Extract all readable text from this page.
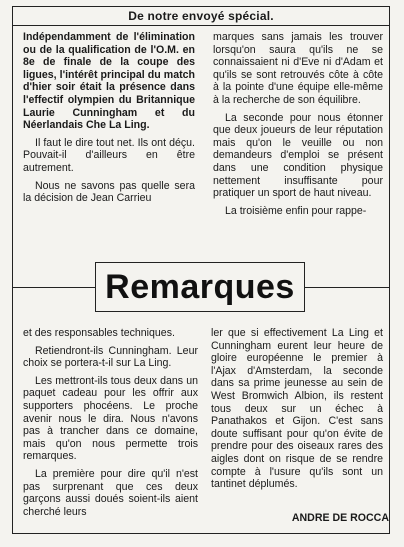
De notre envoyé spécial.

Indépendamment de l'élimination ou de la qualification de l'O.M. en 8e de finale de la coupe des ligues, l'intérêt principal du match d'hier soir était la présence dans l'effectif olympien du Britannique Laurie Cunningham et du Néerlandais Che La Ling.

Il faut le dire tout net. Ils ont déçu. Pouvait-il d'ailleurs en être autrement.

Nous ne savons pas quelle sera la décision de Jean Carrieu

marques sans jamais les trouver lorsqu'on saura qu'ils ne se connaissaient ni d'Eve ni d'Adam et qu'ils se sont retrouvés côte à côte à la pointe d'une équipe elle-même à la recherche de son équilibre.

La seconde pour nous étonner que deux joueurs de leur réputation mais qu'on le veuille ou non demandeurs d'emploi se présent dans une condition physique nettement insuffisante pour pratiquer un sport de haut niveau.

La troisième enfin pour rappe-

Remarques

et des responsables techniques.

Retiendront-ils Cunningham. Leur choix se portera-t-il sur La Ling.

Les mettront-ils tous deux dans un paquet cadeau pour les offrir aux supporters phocéens. Le proche avenir nous le dira. Nous n'avons pas à trancher dans ce domaine, mais qu'on nous permette trois remarques.

La première pour dire qu'il n'est pas surprenant que ces deux garçons aussi doués soient-ils aient cherché leurs

ler que si effectivement La Ling et Cunningham eurent leur heure de gloire européenne le premier à l'Ajax d'Amsterdam, la seconde dans sa prime jeunesse au sein de West Bromwich Albion, ils restent tous deux sur un échec à Panathakos et Gijon. C'est sans doute suffisant pour qu'on évite de prendre pour des oiseaux rares des aigles dont on risque de se rendre compte à l'usure qu'ils sont un tantinet déplumés.

ANDRE DE ROCCA
